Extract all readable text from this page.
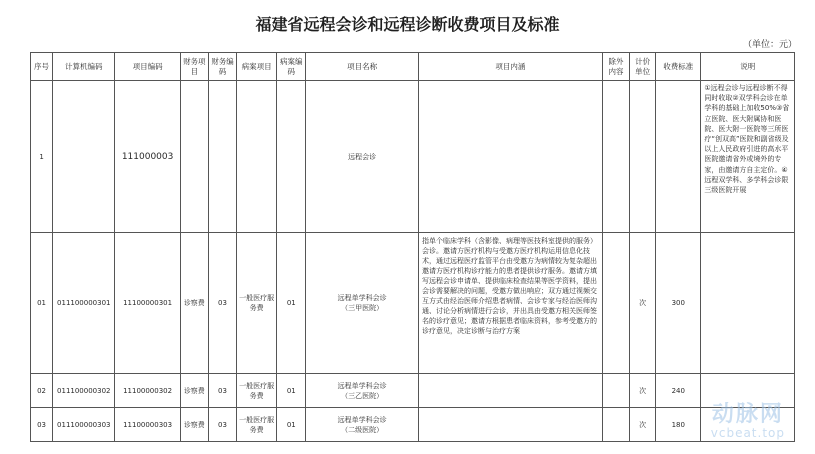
福建省远程会诊和远程诊断收费项目及标准
（单位：元）
序号	计算机编码	项目编码	财务项目	财务编码	病案项目	病案编码	项目名称	项目内涵	除外内容	计价单位	收费标准	说明
1		111000003					远程会诊					①远程会诊与远程诊断不得同时收取②双学科会诊在单学科的基础上加收50%③省立医院、医大附属协和医院、医大附一医院等三所医疗“创双高”医院和副省级及以上人民政府引进的高水平医院邀请省外或境外的专家，由邀请方自主定价。④远程双学科、多学科会诊限三级医院开展
01	011100000301	11100000301	诊察费	03	一般医疗服务费	01	远程单学科会诊
（三甲医院）	指单个临床学科（含影像、病理等医技科室提供的服务）会诊。邀请方医疗机构与受邀方医疗机构运用信息化技术，通过远程医疗监管平台由受邀方为病情较为复杂超出邀请方医疗机构诊疗能力的患者提供诊疗服务。邀请方填写远程会诊申请单、提供临床检查结果等医学资料，提出会诊需要解决的问题，受邀方做出响应；双方通过视频交互方式由经治医师介绍患者病情、会诊专家与经治医师沟通、讨论分析病情进行会诊，并出具由受邀方相关医师签名的诊疗意见；邀请方根据患者临床资料，参考受邀方的诊疗意见，决定诊断与治疗方案		次	300	
02	011100000302	11100000302	诊察费	03	一般医疗服务费	01	远程单学科会诊
（三乙医院）			次	240	
03	011100000303	11100000303	诊察费	03	一般医疗服务费	01	远程单学科会诊
（二级医院）			次	180	动脉网
vcbeat.top
